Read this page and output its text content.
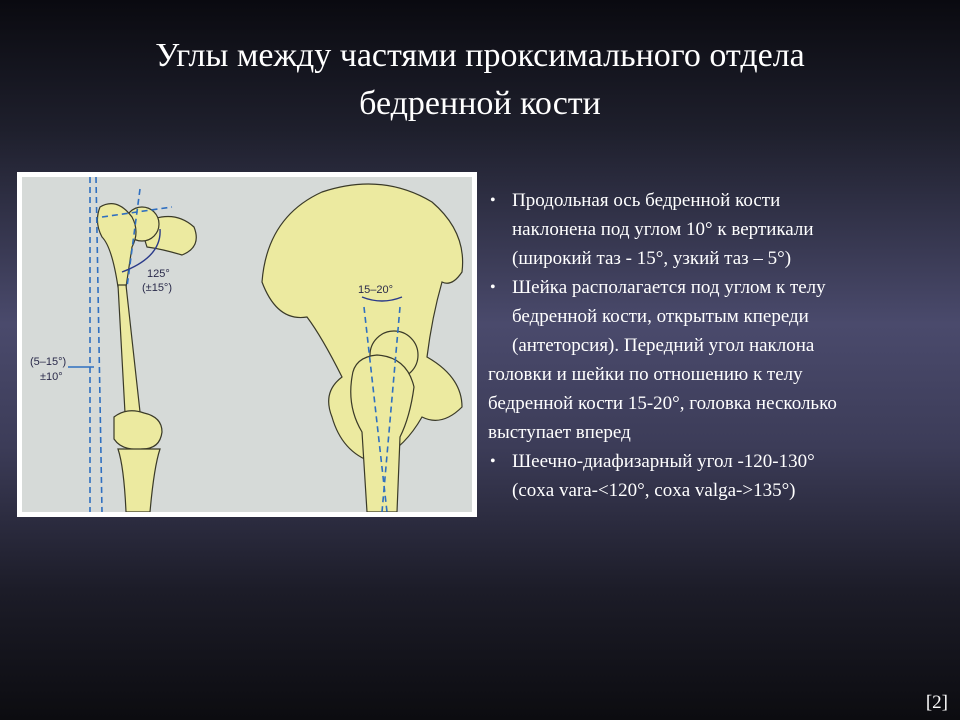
Углы между частями проксимального отдела
бедренной кости
125°
(±15°)
(5–15°)
±10°
15–20°
• Продольная ось бедренной кости
наклонена под углом 10° к вертикали
(широкий таз - 15°, узкий таз – 5°)
• Шейка располагается под углом к телу
бедренной кости, открытым кпереди
(антеторсия). Передний угол наклона
головки и шейки по отношению к телу
бедренной кости 15-20°, головка несколько
выступает вперед
• Шеечно-диафизарный угол -120-130°
(coxa vara-<120°, coxa valga->135°)
[2]
